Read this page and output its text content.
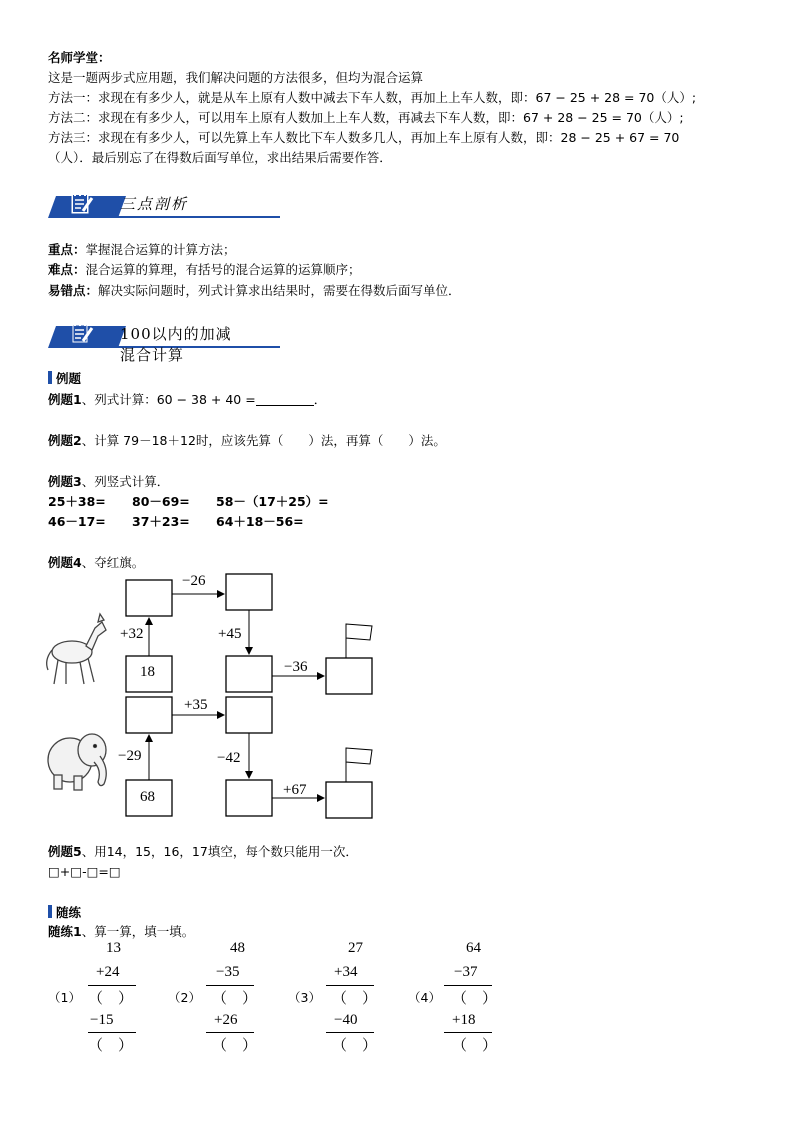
名师学堂：
这是一题两步式应用题，我们解决问题的方法很多，但均为混合运算
方法一：求现在有多少人，就是从车上原有人数中减去下车人数，再加上上车人数，即：67 − 25 + 28 = 70（人）;
方法二：求现在有多少人，可以用车上原有人数加上上车人数，再减去下车人数，即：67 + 28 − 25 = 70（人）;
方法三：求现在有多少人，可以先算上车人数比下车人数多几人，再加上车上原有人数，即：28 − 25 + 67 = 70
（人）．最后别忘了在得数后面写单位，求出结果后需要作答．
三点剖析
重点：掌握混合运算的计算方法；
难点：混合运算的算理，有括号的混合运算的运算顺序；
易错点：解决实际问题时，列式计算求出结果时，需要在得数后面写单位．
100以内的加减混合计算
例题
例题1、列式计算：60 − 38 + 40 =	．
例题2、计算 79－18＋12时，应该先算（　　）法，再算（　　）法。
例题3、列竖式计算．
25＋38= 80－69= 58－（17＋25）=
46－17= 37＋23= 64＋18－56=
例题4、夺红旗。
18
+32
−26
+45
−36
68
−29
+35
−42
+67
例题5、用14，15，16，17填空，每个数只能用一次．
□+□-□=□
随练
随练1、算一算，填一填。
（1）
13
+24
（　）
−15
（　）
（2）
48
−35
（　）
+26
（　）
（3）
27
+34
（　）
−40
（　）
（4）
64
−37
（　）
+18
（　）
